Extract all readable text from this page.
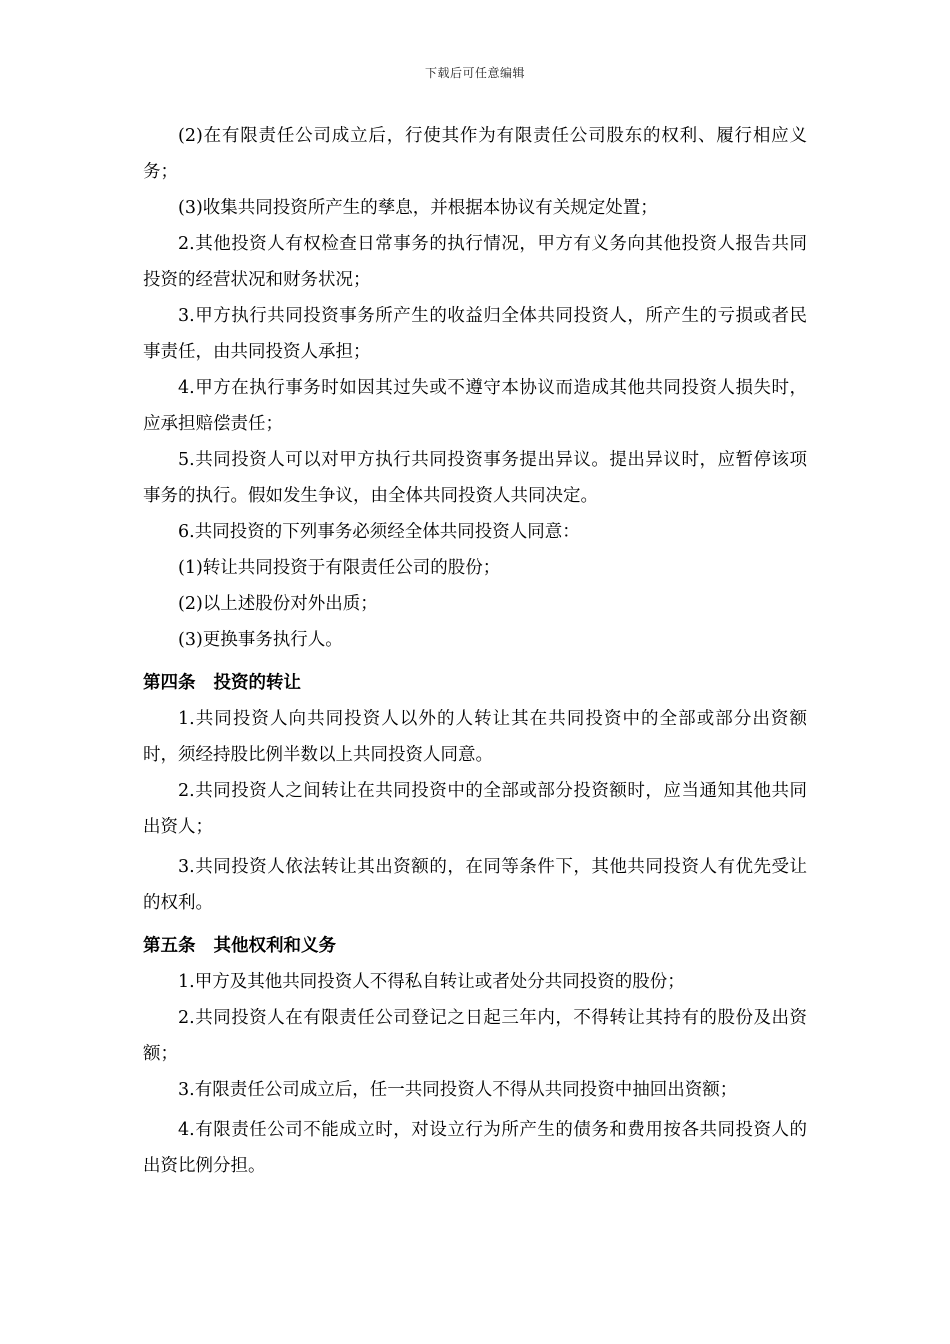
下载后可任意编辑

(2)在有限责任公司成立后，行使其作为有限责任公司股东的权利、履行相应义务；

(3)收集共同投资所产生的孳息，并根据本协议有关规定处置；

2.其他投资人有权检查日常事务的执行情况，甲方有义务向其他投资人报告共同投资的经营状况和财务状况；

3.甲方执行共同投资事务所产生的收益归全体共同投资人，所产生的亏损或者民事责任，由共同投资人承担；

4.甲方在执行事务时如因其过失或不遵守本协议而造成其他共同投资人损失时，应承担赔偿责任；

5.共同投资人可以对甲方执行共同投资事务提出异议。提出异议时，应暂停该项事务的执行。假如发生争议，由全体共同投资人共同决定。

6.共同投资的下列事务必须经全体共同投资人同意：

(1)转让共同投资于有限责任公司的股份；

(2)以上述股份对外出质；

(3)更换事务执行人。

第四条 投资的转让

1.共同投资人向共同投资人以外的人转让其在共同投资中的全部或部分出资额时，须经持股比例半数以上共同投资人同意。

2.共同投资人之间转让在共同投资中的全部或部分投资额时，应当通知其他共同出资人；

3.共同投资人依法转让其出资额的，在同等条件下，其他共同投资人有优先受让的权利。

第五条 其他权利和义务

1.甲方及其他共同投资人不得私自转让或者处分共同投资的股份；

2.共同投资人在有限责任公司登记之日起三年内，不得转让其持有的股份及出资额；

3.有限责任公司成立后，任一共同投资人不得从共同投资中抽回出资额；

4.有限责任公司不能成立时，对设立行为所产生的债务和费用按各共同投资人的出资比例分担。
